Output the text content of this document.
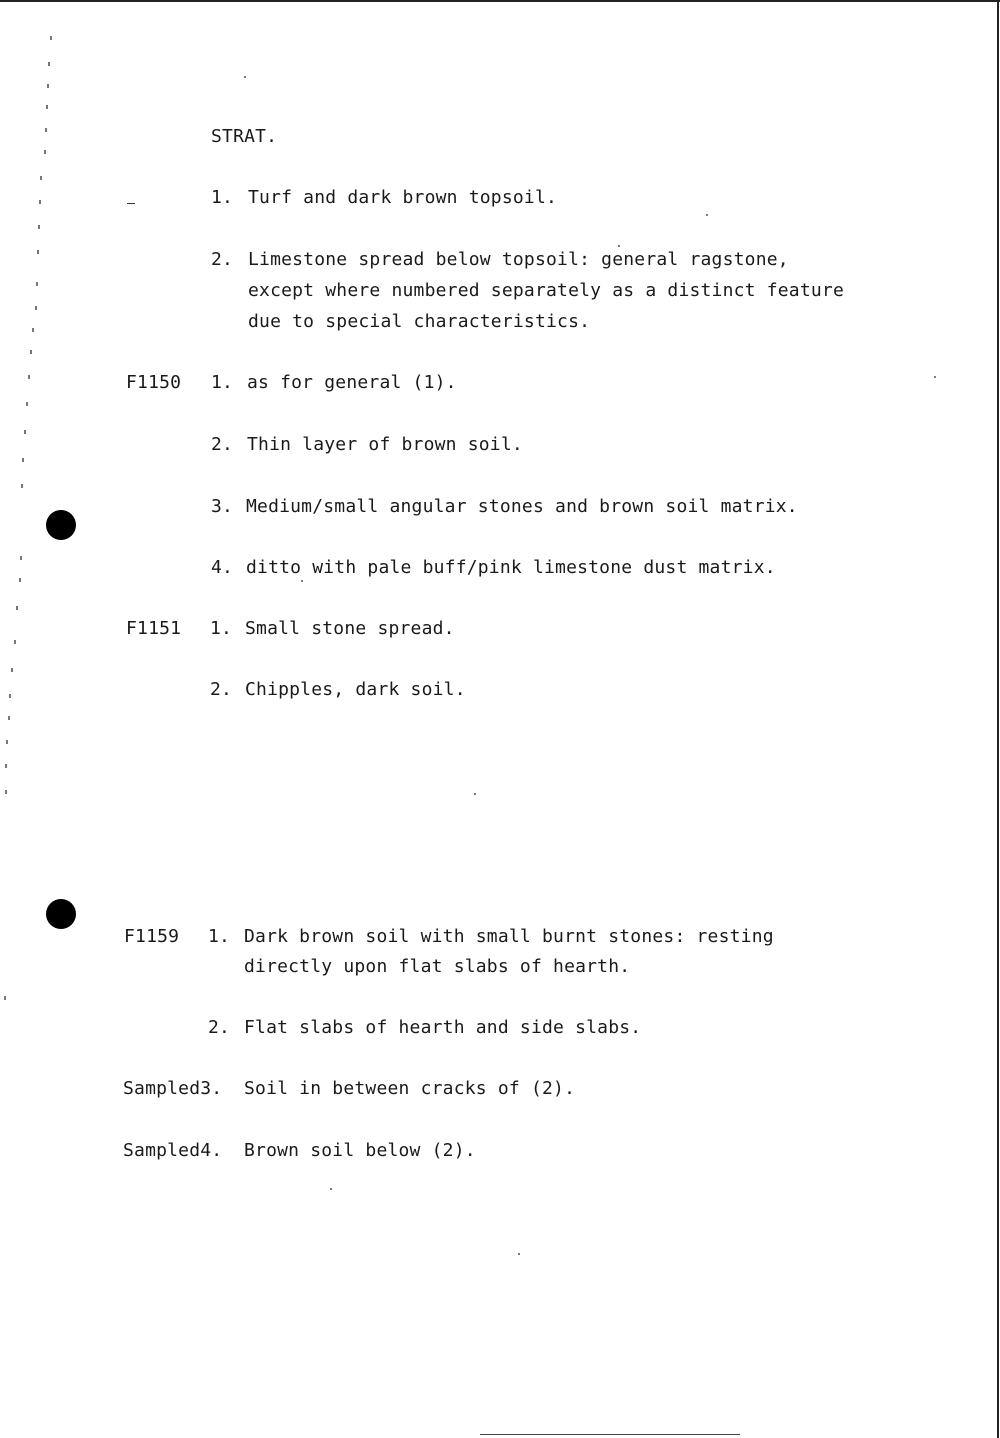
STRAT.
1. Turf and dark brown topsoil.
2. Limestone spread below topsoil: general ragstone,
except where numbered separately as a distinct feature
due to special characteristics.
F1150 1. as for general (1).
2. Thin layer of brown soil.
3. Medium/small angular stones and brown soil matrix.
4. ditto with pale buff/pink limestone dust matrix.
F1151 1. Small stone spread.
2. Chipples, dark soil.
F1159 1. Dark brown soil with small burnt stones: resting
directly upon flat slabs of hearth.
2. Flat slabs of hearth and side slabs.
Sampled3. Soil in between cracks of (2).
Sampled4. Brown soil below (2).
